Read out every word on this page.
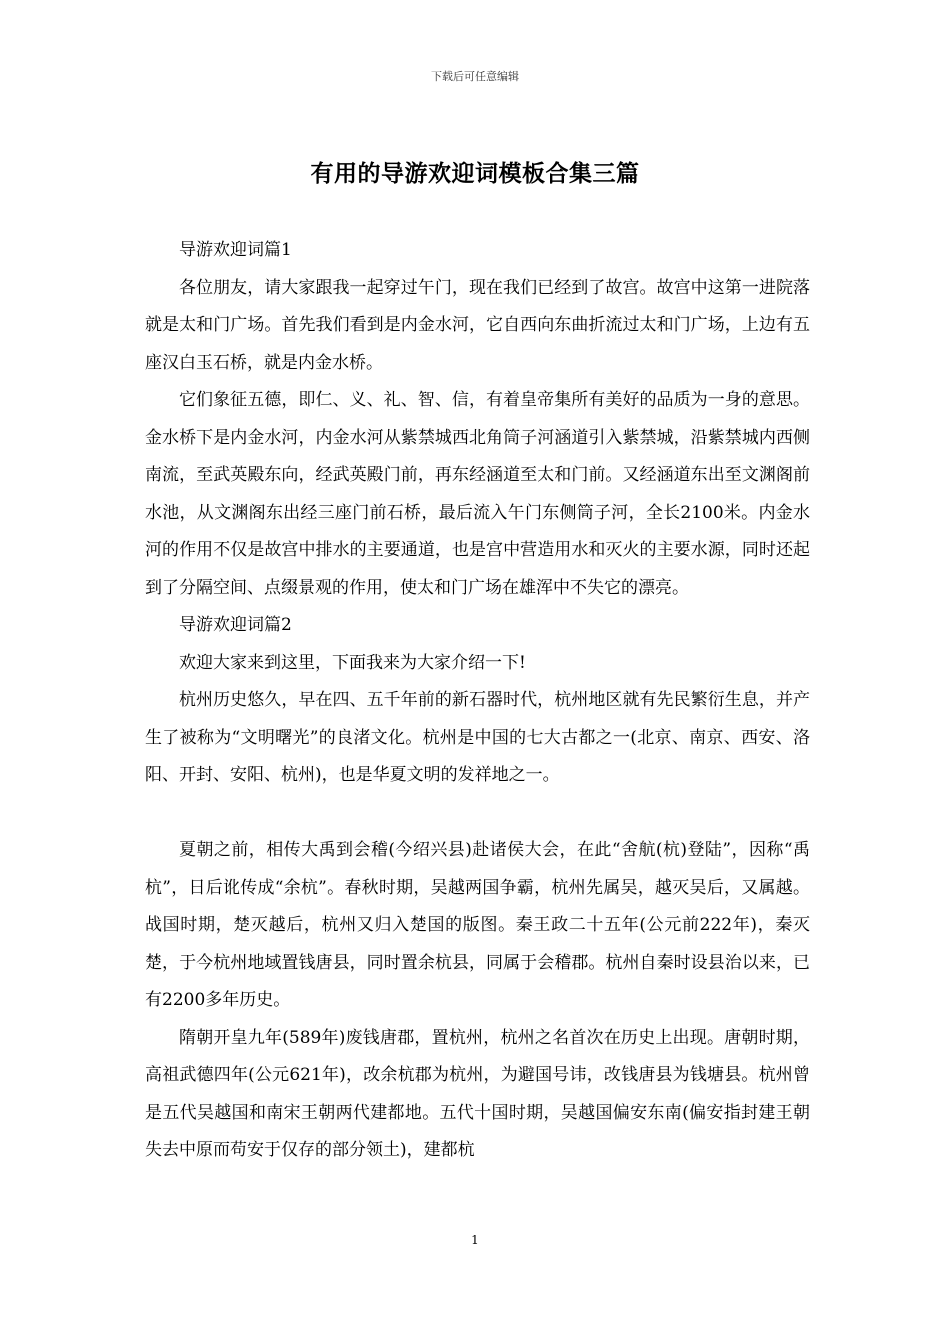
下载后可任意编辑
有用的导游欢迎词模板合集三篇

导游欢迎词篇1

各位朋友，请大家跟我一起穿过午门，现在我们已经到了故宫。故宫中这第一进院落就是太和门广场。首先我们看到是内金水河，它自西向东曲折流过太和门广场，上边有五座汉白玉石桥，就是内金水桥。

它们象征五德，即仁、义、礼、智、信，有着皇帝集所有美好的品质为一身的意思。金水桥下是内金水河，内金水河从紫禁城西北角筒子河涵道引入紫禁城，沿紫禁城内西侧南流，至武英殿东向，经武英殿门前，再东经涵道至太和门前。又经涵道东出至文渊阁前水池，从文渊阁东出经三座门前石桥，最后流入午门东侧筒子河，全长2100米。内金水河的作用不仅是故宫中排水的主要通道，也是宫中营造用水和灭火的主要水源，同时还起到了分隔空间、点缀景观的作用，使太和门广场在雄浑中不失它的漂亮。

导游欢迎词篇2

欢迎大家来到这里，下面我来为大家介绍一下!

杭州历史悠久，早在四、五千年前的新石器时代，杭州地区就有先民繁衍生息，并产生了被称为“文明曙光”的良渚文化。杭州是中国的七大古都之一(北京、南京、西安、洛阳、开封、安阳、杭州)，也是华夏文明的发祥地之一。

夏朝之前，相传大禹到会稽(今绍兴县)赴诸侯大会，在此“舍航(杭)登陆”，因称“禹杭”，日后讹传成“余杭”。春秋时期，吴越两国争霸，杭州先属吴，越灭吴后，又属越。战国时期，楚灭越后，杭州又归入楚国的版图。秦王政二十五年(公元前222年)，秦灭楚，于今杭州地域置钱唐县，同时置余杭县，同属于会稽郡。杭州自秦时设县治以来，已有2200多年历史。

隋朝开皇九年(589年)废钱唐郡，置杭州，杭州之名首次在历史上出现。唐朝时期，高祖武德四年(公元621年)，改余杭郡为杭州，为避国号讳，改钱唐县为钱塘县。杭州曾是五代吴越国和南宋王朝两代建都地。五代十国时期，吴越国偏安东南(偏安指封建王朝失去中原而苟安于仅存的部分领土)，建都杭

1
